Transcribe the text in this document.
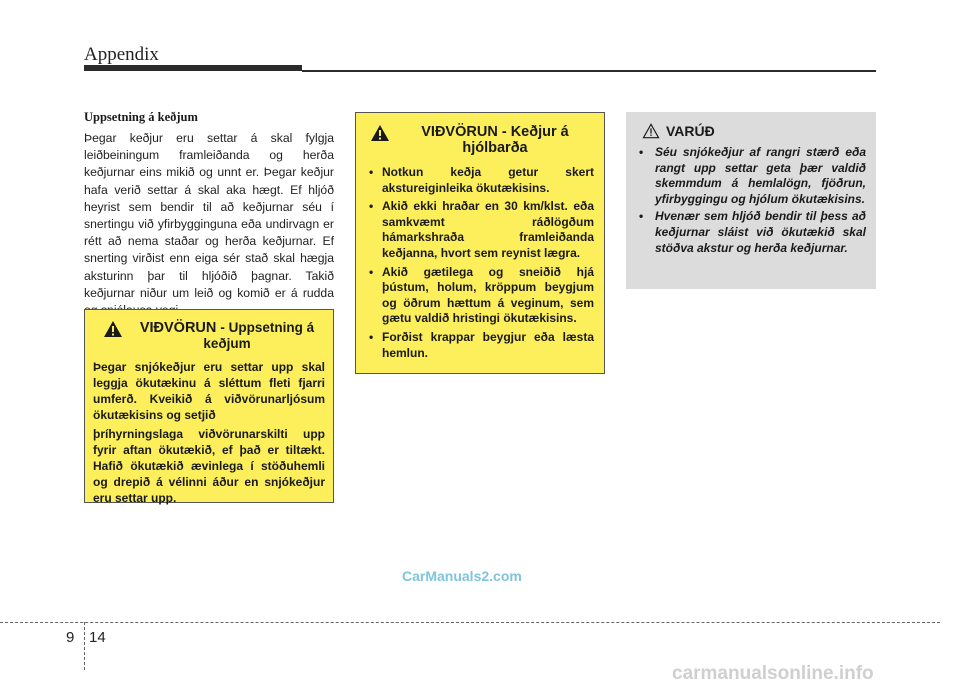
Appendix
Uppsetning á keðjum
Þegar keðjur eru settar á skal fylgja leiðbeiningum framleiðanda og herða keðjurnar eins mikið og unnt er. Þegar keðjur hafa verið settar á skal aka hægt. Ef hljóð heyrist sem bendir til að keðjurnar séu í snertingu við yfirbygginguna eða undirvagn er rétt að nema staðar og herða keðjurnar. Ef snerting virðist enn eiga sér stað skal hægja aksturinn þar til hljóðið þagnar. Takið keðjurnar niður um leið og komið er á rudda
VIÐVÖRUN - Uppsetning á keðjum
Þegar snjókeðjur eru settar upp skal leggja ökutækinu á sléttum fleti fjarri umferð. Kveikið á viðvörunarljósum ökutækisins og setjið
þríhyrningslaga viðvörunarskilti upp fyrir aftan ökutækið, ef það er tiltækt. Hafið ökutækið ævinlega í stöðuhemli og drepið á vélinni áður en snjókeðjur eru settar upp.
VIÐVÖRUN - Keðjur á hjólbarða
• Notkun keðja getur skert akstureiginleika ökutækisins.
• Akið ekki hraðar en 30 km/klst. eða samkvæmt ráðlögðum hámarkshraða framleiðanda keðjanna, hvort sem reynist lægra.
• Akið gætilega og sneiðið hjá þústum, holum, kröppum beygjum og öðrum hættum á veginum, sem gætu valdið hristingi ökutækisins.
• Forðist krappar beygjur eða læsta hemlun.
VARÚÐ
• Séu snjókeðjur af rangri stærð eða rangt upp settar geta þær valdið skemmdum á hemlalögn, fjöðrun, yfirbyggingu og hjólum ökutækisins.
• Hvenær sem hljóð bendir til þess að keðjurnar sláist við ökutækið skal stöðva akstur og herða keðjurnar.
CarManuals2.com
9 14
carmanualsonline.info
